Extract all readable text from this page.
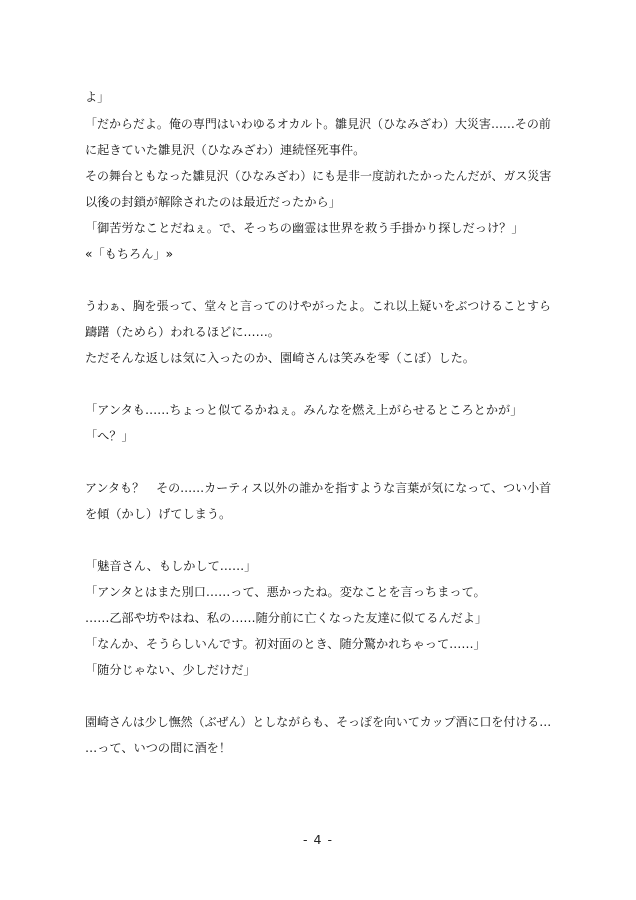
よ」
「だからだよ。俺の専門はいわゆるオカルト。雛見沢（ひなみざわ）大災害……その前
に起きていた雛見沢（ひなみざわ）連続怪死事件。
その舞台ともなった雛見沢（ひなみざわ）にも是非一度訪れたかったんだが、ガス災害
以後の封鎖が解除されたのは最近だったから」
「御苦労なことだねぇ。で、そっちの幽霊は世界を救う手掛かり探しだっけ？」
«「もちろん」»
うわぁ、胸を張って、堂々と言ってのけやがったよ。これ以上疑いをぶつけることすら
躊躇（ためら）われるほどに……。
ただそんな返しは気に入ったのか、園崎さんは笑みを零（こぼ）した。
「アンタも……ちょっと似てるかねぇ。みんなを燃え上がらせるところとかが」
「へ？」
アンタも？　その……カーティス以外の誰かを指すような言葉が気になって、つい小首
を傾（かし）げてしまう。
「魅音さん、もしかして……」
「アンタとはまた別口……って、悪かったね。変なことを言っちまって。
……乙部や坊やはね、私の……随分前に亡くなった友達に似てるんだよ」
「なんか、そうらしいんです。初対面のとき、随分驚かれちゃって……」
「随分じゃない、少しだけだ」
園崎さんは少し憮然（ぶぜん）としながらも、そっぽを向いてカップ酒に口を付ける…
…って、いつの間に酒を！
- 4 -
